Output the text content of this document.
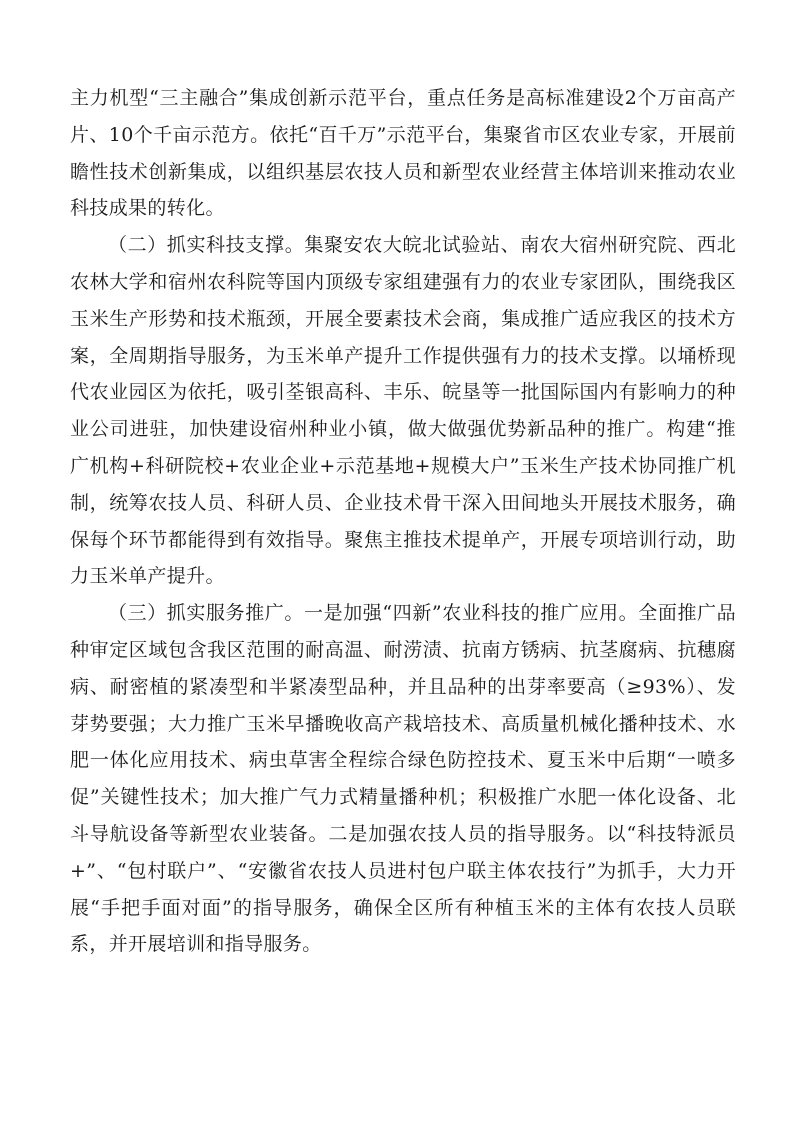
主力机型“三主融合”集成创新示范平台，重点任务是高标准建设2个万亩高产片、10个千亩示范方。依托“百千万”示范平台，集聚省市区农业专家，开展前瞻性技术创新集成，以组织基层农技人员和新型农业经营主体培训来推动农业科技成果的转化。

（二）抓实科技支撑。集聚安农大皖北试验站、南农大宿州研究院、西北农林大学和宿州农科院等国内顶级专家组建强有力的农业专家团队，围绕我区玉米生产形势和技术瓶颈，开展全要素技术会商，集成推广适应我区的技术方案，全周期指导服务，为玉米单产提升工作提供强有力的技术支撑。以埇桥现代农业园区为依托，吸引荃银高科、丰乐、皖垦等一批国际国内有影响力的种业公司进驻，加快建设宿州种业小镇，做大做强优势新品种的推广。构建“推广机构+科研院校+农业企业+示范基地+规模大户”玉米生产技术协同推广机制，统筹农技人员、科研人员、企业技术骨干深入田间地头开展技术服务，确保每个环节都能得到有效指导。聚焦主推技术提单产，开展专项培训行动，助力玉米单产提升。

（三）抓实服务推广。一是加强“四新”农业科技的推广应用。全面推广品种审定区域包含我区范围的耐高温、耐涝渍、抗南方锈病、抗茎腐病、抗穗腐病、耐密植的紧凑型和半紧凑型品种，并且品种的出芽率要高（≥93%）、发芽势要强；大力推广玉米早播晚收高产栽培技术、高质量机械化播种技术、水肥一体化应用技术、病虫草害全程综合绿色防控技术、夏玉米中后期“一喷多促”关键性技术；加大推广气力式精量播种机；积极推广水肥一体化设备、北斗导航设备等新型农业装备。二是加强农技人员的指导服务。以“科技特派员+”、“包村联户”、“安徽省农技人员进村包户联主体农技行”为抓手，大力开展“手把手面对面”的指导服务，确保全区所有种植玉米的主体有农技人员联系，并开展培训和指导服务。
